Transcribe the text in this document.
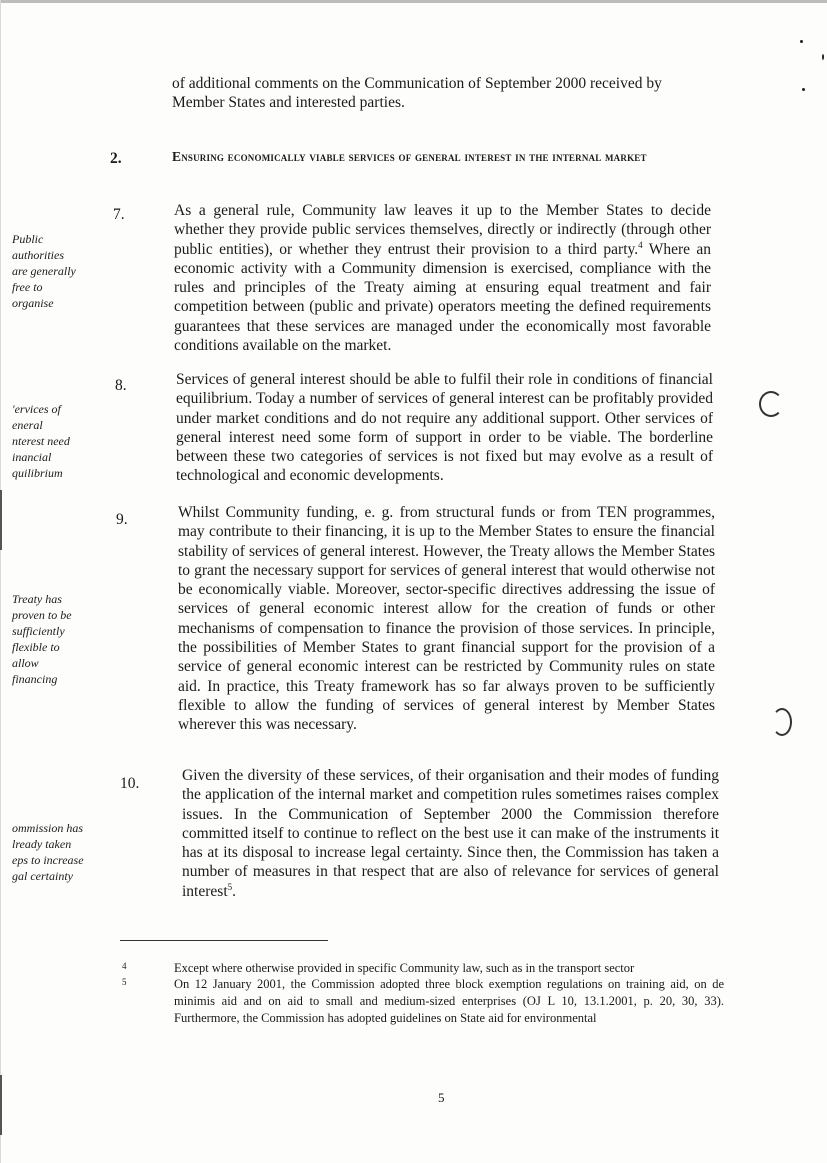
of additional comments on the Communication of September 2000 received by Member States and interested parties.
2.	Ensuring economically viable services of general interest in the internal market
7.	As a general rule, Community law leaves it up to the Member States to decide whether they provide public services themselves, directly or indirectly (through other public entities), or whether they entrust their provision to a third party.$^4$ Where an economic activity with a Community dimension is exercised, compliance with the rules and principles of the Treaty aiming at ensuring equal treatment and fair competition between (public and private) operators meeting the defined requirements guarantees that these services are managed under the economically most favorable conditions available on the market.
Public
authorities
are generally
free to
organise
8.	Services of general interest should be able to fulfil their role in conditions of financial equilibrium. Today a number of services of general interest can be profitably provided under market conditions and do not require any additional support. Other services of general interest need some form of support in order to be viable. The borderline between these two categories of services is not fixed but may evolve as a result of technological and economic developments.
'ervices of
eneral
nterest need
inancial
quilibrium
9.	Whilst Community funding, e. g. from structural funds or from TEN programmes, may contribute to their financing, it is up to the Member States to ensure the financial stability of services of general interest. However, the Treaty allows the Member States to grant the necessary support for services of general interest that would otherwise not be economically viable. Moreover, sector-specific directives addressing the issue of services of general economic interest allow for the creation of funds or other mechanisms of compensation to finance the provision of those services. In principle, the possibilities of Member States to grant financial support for the provision of a service of general economic interest can be restricted by Community rules on state aid. In practice, this Treaty framework has so far always proven to be sufficiently flexible to allow the funding of services of general interest by Member States wherever this was necessary.
Treaty has
proven to be
sufficiently
flexible to
allow
financing
10.	Given the diversity of these services, of their organisation and their modes of funding the application of the internal market and competition rules sometimes raises complex issues. In the Communication of September 2000 the Commission therefore committed itself to continue to reflect on the best use it can make of the instruments it has at its disposal to increase legal certainty. Since then, the Commission has taken a number of measures in that respect that are also of relevance for services of general interest$^5$.
ommission has
lready taken
eps to increase
gal certainty
4	Except where otherwise provided in specific Community law, such as in the transport sector
5	On 12 January 2001, the Commission adopted three block exemption regulations on training aid, on de minimis aid and on aid to small and medium-sized enterprises (OJ L 10, 13.1.2001, p. 20, 30, 33). Furthermore, the Commission has adopted guidelines on State aid for environmental
5
